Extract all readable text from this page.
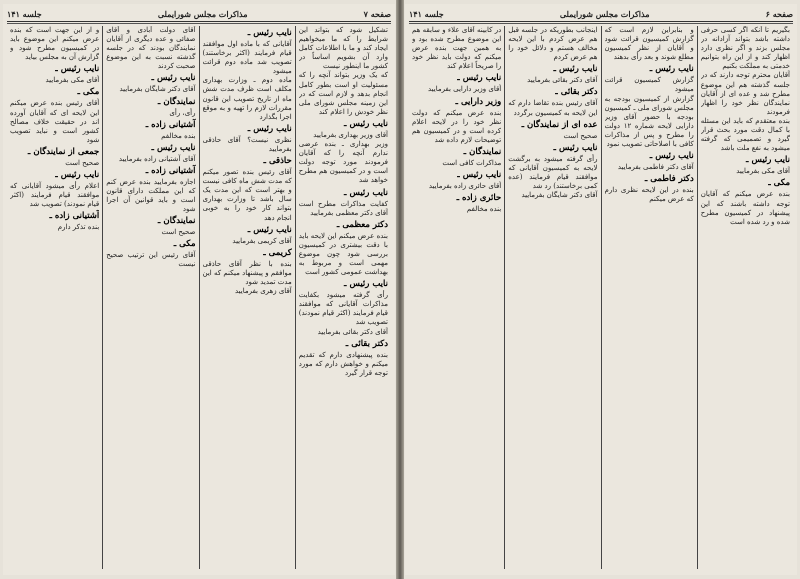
صفحه ۷
مذاکرات مجلس شورایملی
جلسه ۱۴۱
تشکیل شود که بتواند این شرایط را که ما میخواهیم ایجاد کند و ما با اطلاعات کامل وارد آن بشویم اساساً در کشور ما اینطور نیست
که یک وزیر بتواند آنچه را که مسئولیت او است بطور کامل انجام بدهد و لازم است که در این زمینه مجلس شورای ملی نظر خودش را اعلام کند
نایب رئیس ـ
آقای وزیر بهداری بفرمایید
وزیر بهداری ـ بنده عرضی ندارم آنچه را که آقایان فرمودند مورد توجه دولت است و در کمیسیون هم مطرح خواهد شد
نایب رئیس ـ
کفایت مذاکرات مطرح است آقای دکتر معظمی بفرمایید
دکتر معظمی ـ
بنده عرض میکنم این لایحه باید با دقت بیشتری در کمیسیون بررسی شود چون موضوع مهمی است و مربوط به بهداشت عمومی کشور است
نایب رئیس ـ
رأی گرفته میشود بکفایت مذاکرات آقایانی که موافقند قیام فرمایند (اکثر قیام نمودند) تصویب شد
آقای دکتر بقائی بفرمایید
دکتر بقائی ـ
بنده پیشنهادی دارم که تقدیم میکنم و خواهش دارم که مورد توجه قرار گیرد
نایب رئیس ـ
آقایانی که با ماده اول موافقند قیام فرمایند (اکثر برخاستند) تصویب شد ماده دوم قرائت میشود
ماده دوم ـ وزارت بهداری مکلف است ظرف مدت شش ماه از تاریخ تصویب این قانون مقررات لازم را تهیه و به موقع اجرا بگذارد
نایب رئیس ـ
نظری نیست؟ آقای حاذقی بفرمایید
حاذقی ـ
آقای رئیس بنده تصور میکنم که مدت شش ماه کافی نیست و بهتر است که این مدت یک سال باشد تا وزارت بهداری بتواند کار خود را به خوبی انجام دهد
نایب رئیس ـ
آقای کریمی بفرمایید
کریمی ـ
بنده با نظر آقای حاذقی موافقم و پیشنهاد میکنم که این مدت تمدید شود
آقای زهری بفرمایید
آقای دولت آبادی و آقای صفائی و عده دیگری از آقایان نمایندگان بودند که در جلسه گذشته نسبت به این موضوع صحبت کردند
نایب رئیس ـ
آقای دکتر شایگان بفرمایید
نمایندگان ـ
رأی، رأی
آشتیانی زاده ـ
بنده مخالفم
نایب رئیس ـ
آقای آشتیانی زاده بفرمایید
آشتیانی زاده ـ
اجازه بفرمایید بنده عرض کنم که این مملکت دارای قانون است و باید قوانین آن اجرا شود
نمایندگان ـ
صحیح است
مکی ـ
آقای رئیس این ترتیب صحیح نیست
و از این جهت است که بنده عرض میکنم این موضوع باید در کمیسیون مطرح شود و گزارش آن به مجلس بیاید
نایب رئیس ـ
آقای مکی بفرمایید
مکی ـ
آقای رئیس بنده عرض میکنم این لایحه ای که آقایان آورده اند در حقیقت خلاف مصالح کشور است و نباید تصویب شود
جمعی از نمایندگان ـ
صحیح است
نایب رئیس ـ
اعلام رأی میشود آقایانی که موافقند قیام فرمایند (اکثر قیام نمودند) تصویب شد
آشتیانی زاده ـ
بنده تذکر دارم
صفحه ۶
مذاکرات مجلس شورایملی
جلسه ۱۴۱
بگیریم تا آنکه اگر کسی حرفی داشته باشد بتواند آزادانه در مجلس بزند و اگر نظری دارد اظهار کند و از این راه بتوانیم خدمتی به مملکت بکنیم
آقایان محترم توجه دارند که در جلسه گذشته هم این موضوع مطرح شد و عده ای از آقایان نمایندگان نظر خود را اظهار فرمودند
بنده معتقدم که باید این مسئله با کمال دقت مورد بحث قرار گیرد و تصمیمی که گرفته میشود به نفع ملت باشد
نایب رئیس ـ
آقای مکی بفرمایید
مکی ـ
بنده عرض میکنم که آقایان توجه داشته باشند که این پیشنهاد در کمیسیون مطرح شده و رد شده است
و بنابراین لازم است که گزارش کمیسیون قرائت شود و آقایان از نظر کمیسیون مطلع شوند و بعد رأی بدهند
نایب رئیس ـ
گزارش کمیسیون قرائت میشود
گزارش از کمیسیون بودجه به مجلس شورای ملی ـ کمیسیون بودجه با حضور آقای وزیر دارایی لایحه شماره ۱۲ دولت را مطرح و پس از مذاکرات کافی با اصلاحاتی تصویب نمود
نایب رئیس ـ
آقای دکتر فاطمی بفرمایید
دکتر فاطمی ـ
بنده در این لایحه نظری دارم که عرض میکنم
اینجانب بطوریکه در جلسه قبل هم عرض کردم با این لایحه مخالف هستم و دلائل خود را هم عرض کردم
نایب رئیس ـ
آقای دکتر بقائی بفرمایید
دکتر بقائی ـ
آقای رئیس بنده تقاضا دارم که این لایحه به کمیسیون برگردد
عده ای از نمایندگان ـ
صحیح است
نایب رئیس ـ
رأی گرفته میشود به برگشت لایحه به کمیسیون آقایانی که موافقند قیام فرمایند (عده کمی برخاستند) رد شد
آقای دکتر شایگان بفرمایید
در کابینه آقای علاء و سابقه هم این موضوع مطرح شده بود و به همین جهت بنده عرض میکنم که دولت باید نظر خود را صریحاً اعلام کند
نایب رئیس ـ
آقای وزیر دارایی بفرمایید
وزیر دارایی ـ
بنده عرض میکنم که دولت نظر خود را در لایحه اعلام کرده است و در کمیسیون هم توضیحات لازم داده شد
نمایندگان ـ
مذاکرات کافی است
نایب رئیس ـ
آقای حائری زاده بفرمایید
حائری زاده ـ
بنده مخالفم
